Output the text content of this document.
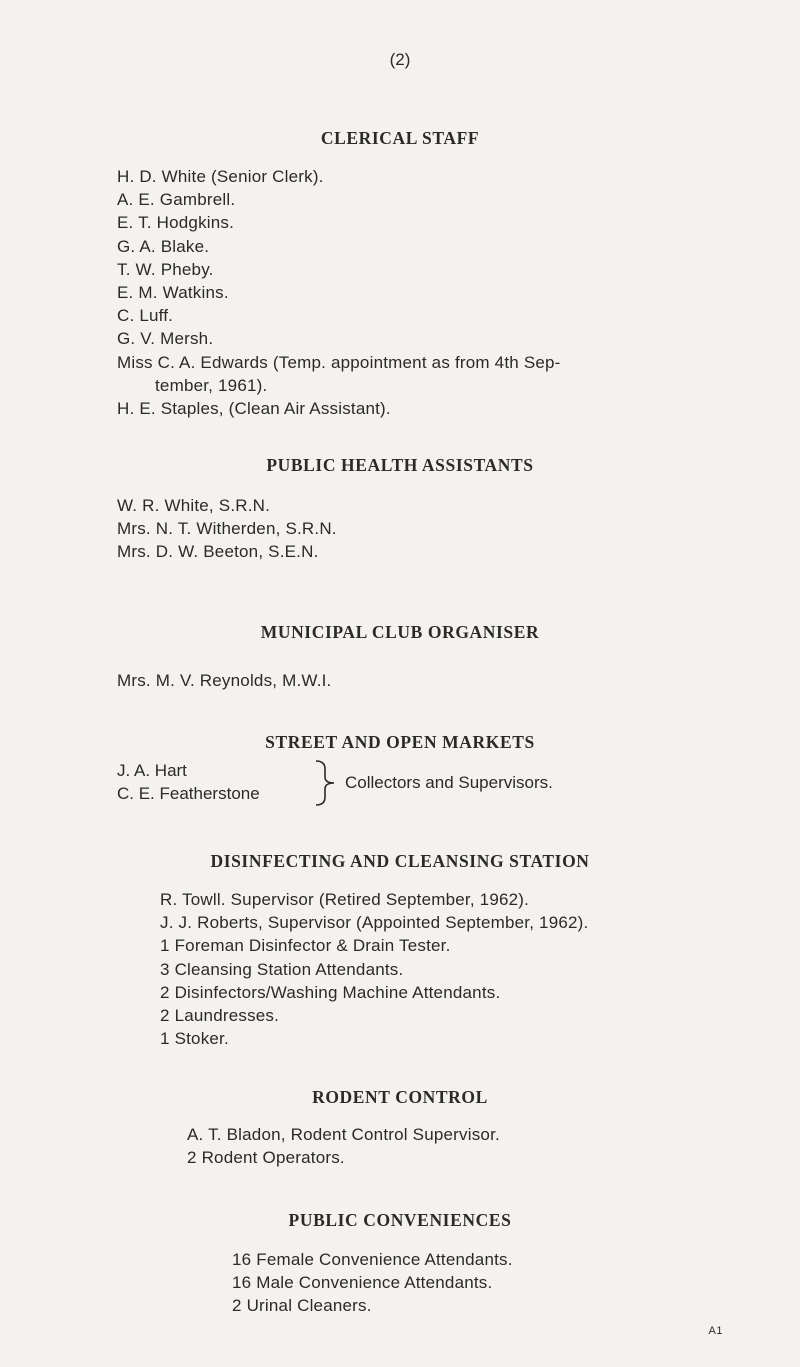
(2)
CLERICAL STAFF
H. D. White (Senior Clerk).
A. E. Gambrell.
E. T. Hodgkins.
G. A. Blake.
T. W. Pheby.
E. M. Watkins.
C. Luff.
G. V. Mersh.
Miss C. A. Edwards (Temp. appointment as from 4th Sep-
tember, 1961).
H. E. Staples, (Clean Air Assistant).
PUBLIC HEALTH ASSISTANTS
W. R. White, S.R.N.
Mrs. N. T. Witherden, S.R.N.
Mrs. D. W. Beeton, S.E.N.
MUNICIPAL CLUB ORGANISER
Mrs. M. V. Reynolds, M.W.I.
STREET AND OPEN MARKETS
J. A. Hart
C. E. Featherstone
Collectors and Supervisors.
DISINFECTING AND CLEANSING STATION
R. Towll. Supervisor (Retired September, 1962).
J. J. Roberts, Supervisor (Appointed September, 1962).
1 Foreman Disinfector & Drain Tester.
3 Cleansing Station Attendants.
2 Disinfectors/Washing Machine Attendants.
2 Laundresses.
1 Stoker.
RODENT CONTROL
A. T. Bladon, Rodent Control Supervisor.
2 Rodent Operators.
PUBLIC CONVENIENCES
16 Female Convenience Attendants.
16 Male Convenience Attendants.
2 Urinal Cleaners.
A1
